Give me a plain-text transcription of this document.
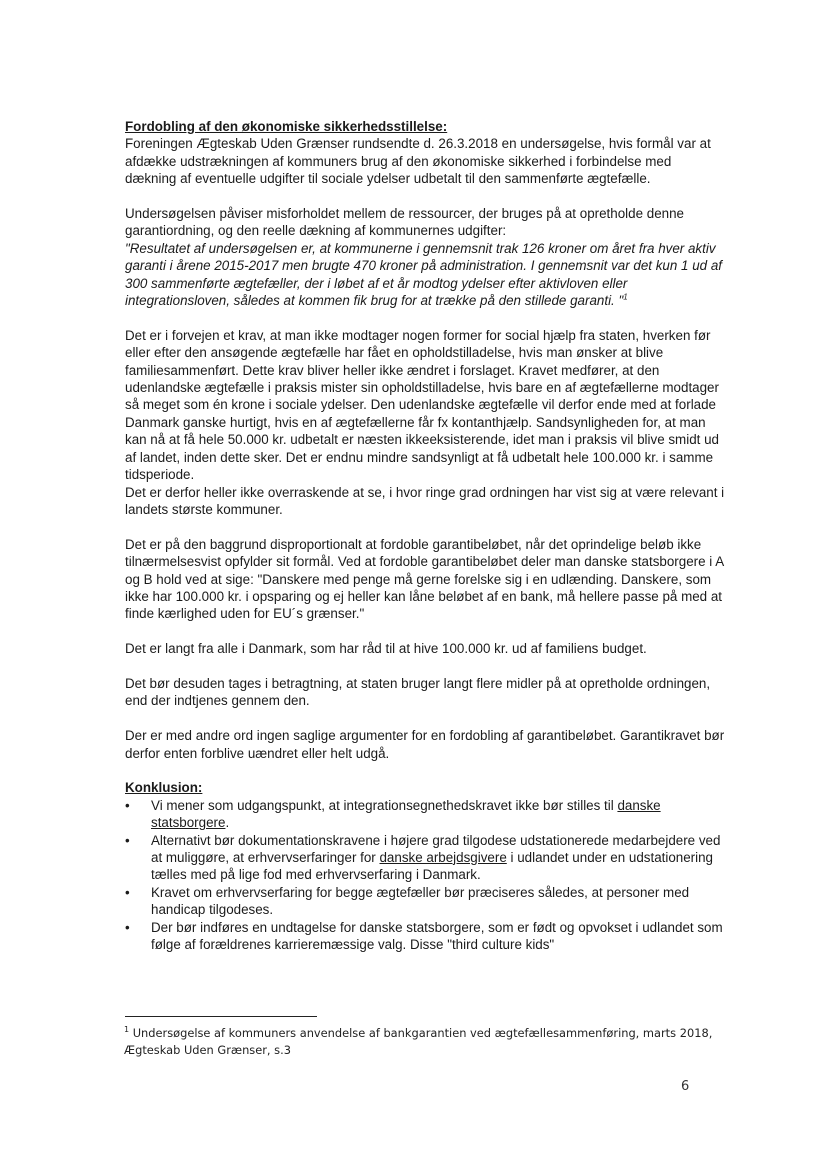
Fordobling af den økonomiske sikkerhedsstillelse:

Foreningen Ægteskab Uden Grænser rundsendte d. 26.3.2018 en undersøgelse, hvis formål var at afdække udstrækningen af kommuners brug af den økonomiske sikkerhed i forbindelse med dækning af eventuelle udgifter til sociale ydelser udbetalt til den sammenførte ægtefælle.

Undersøgelsen påviser misforholdet mellem de ressourcer, der bruges på at opretholde denne garantiordning, og den reelle dækning af kommunernes udgifter:

"Resultatet af undersøgelsen er, at kommunerne i gennemsnit trak 126 kroner om året fra hver aktiv garanti i årene 2015-2017 men brugte 470 kroner på administration. I gennemsnit var det kun 1 ud af 300 sammenførte ægtefæller, der i løbet af et år modtog ydelser efter aktivloven eller integrationsloven, således at kommen fik brug for at trække på den stillede garanti. "$^1$

Det er i forvejen et krav, at man ikke modtager nogen former for social hjælp fra staten, hverken før eller efter den ansøgende ægtefælle har fået en opholdstilladelse, hvis man ønsker at blive familiesammenført. Dette krav bliver heller ikke ændret i forslaget. Kravet medfører, at den udenlandske ægtefælle i praksis mister sin opholdstilladelse, hvis bare en af ægtefællerne modtager så meget som én krone i sociale ydelser. Den udenlandske ægtefælle vil derfor ende med at forlade Danmark ganske hurtigt, hvis en af ægtefællerne får fx kontanthjælp. Sandsynligheden for, at man kan nå at få hele 50.000 kr. udbetalt er næsten ikkeeksisterende, idet man i praksis vil blive smidt ud af landet, inden dette sker. Det er endnu mindre sandsynligt at få udbetalt hele 100.000 kr. i samme tidsperiode.

Det er derfor heller ikke overraskende at se, i hvor ringe grad ordningen har vist sig at være relevant i landets største kommuner.

Det er på den baggrund disproportionalt at fordoble garantibeløbet, når det oprindelige beløb ikke tilnærmelsesvist opfylder sit formål. Ved at fordoble garantibeløbet deler man danske statsborgere i A og B hold ved at sige: "Danskere med penge må gerne forelske sig i en udlænding. Danskere, som ikke har 100.000 kr. i opsparing og ej heller kan låne beløbet af en bank, må hellere passe på med at finde kærlighed uden for EU´s grænser."

Det er langt fra alle i Danmark, som har råd til at hive 100.000 kr. ud af familiens budget.

Det bør desuden tages i betragtning, at staten bruger langt flere midler på at opretholde ordningen, end der indtjenes gennem den.

Der er med andre ord ingen saglige argumenter for en fordobling af garantibeløbet. Garantikravet bør derfor enten forblive uændret eller helt udgå.

Konklusion:

•	Vi mener som udgangspunkt, at integrationsegnethedskravet ikke bør stilles til danske statsborgere.
•	Alternativt bør dokumentationskravene i højere grad tilgodese udstationerede medarbejdere ved at muliggøre, at erhvervserfaringer for danske arbejdsgivere i udlandet under en udstationering tælles med på lige fod med erhvervserfaring i Danmark.
•	Kravet om erhvervserfaring for begge ægtefæller bør præciseres således, at personer med handicap tilgodeses.
•	Der bør indføres en undtagelse for danske statsborgere, som er født og opvokset i udlandet som følge af forældrenes karrieremæssige valg. Disse "third culture kids"
$^1$ Undersøgelse af kommuners anvendelse af bankgarantien ved ægtefællesammenføring, marts 2018, Ægteskab Uden Grænser, s.3
6
